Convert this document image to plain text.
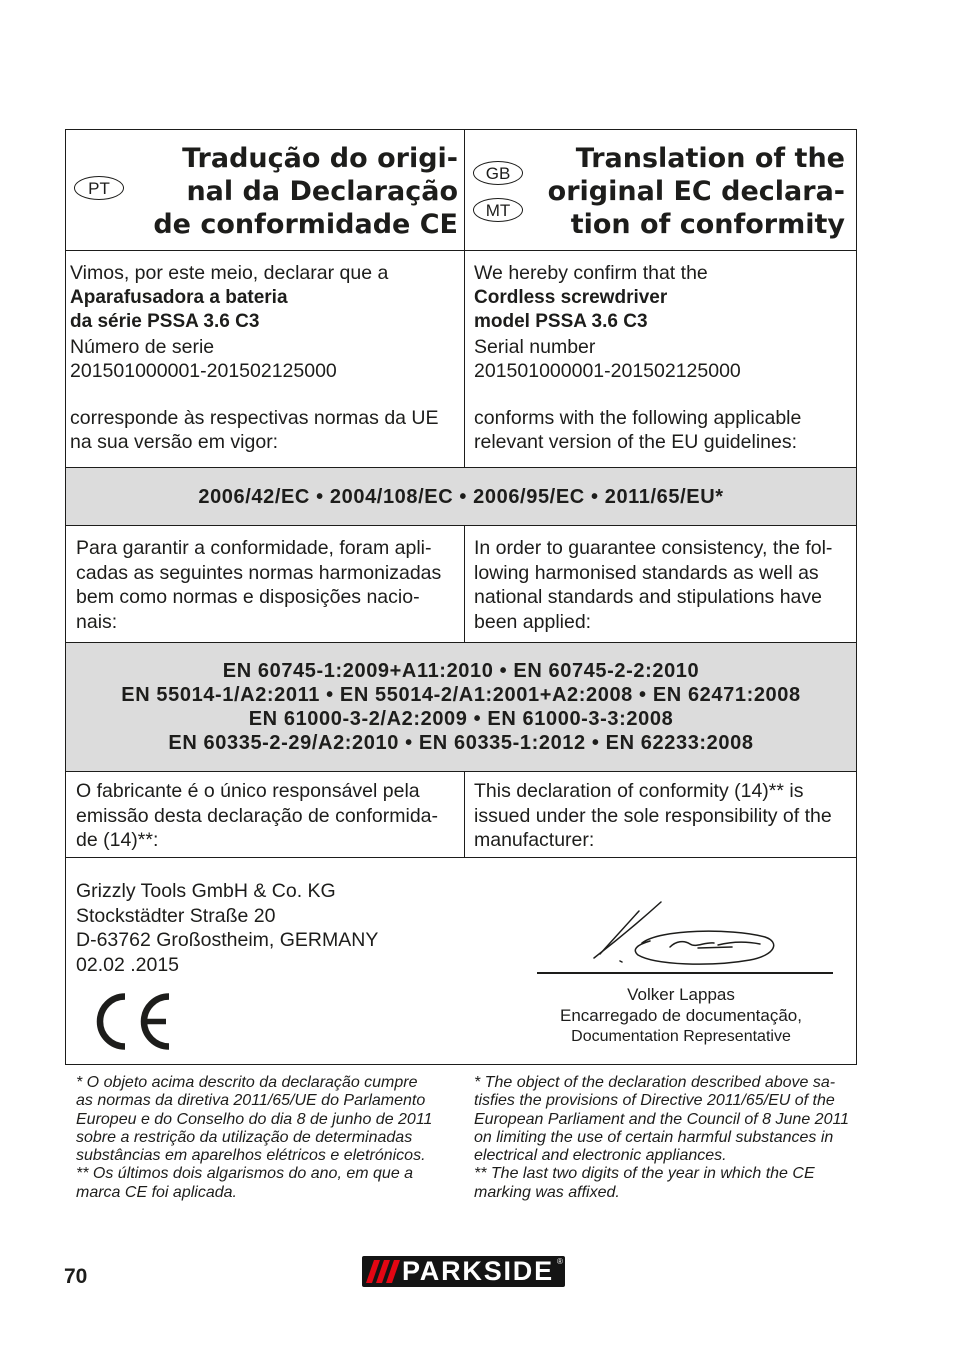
PT
Tradução do origi-
nal da Declaração
de conformidade CE
GB
MT
Translation of the
original EC declara-
tion of conformity
Vimos, por este meio, declarar que a
Aparafusadora a bateria
da série PSSA 3.6 C3
Número de serie
201501000001-201502125000
corresponde às respectivas normas da UE
na sua versão em vigor:
We hereby confirm that the
Cordless screwdriver
model PSSA 3.6 C3
Serial number
201501000001-201502125000
conforms with the following applicable
relevant version of the EU guidelines:
2006/42/EC • 2004/108/EC • 2006/95/EC • 2011/65/EU*
Para garantir a conformidade, foram apli-
cadas as seguintes normas harmonizadas
bem como normas e disposições nacio-
nais:
In order to guarantee consistency, the fol-
lowing harmonised standards as well as
national standards and stipulations have
been applied:
EN 60745-1:2009+A11:2010 • EN 60745-2-2:2010
EN 55014-1/A2:2011 • EN 55014-2/A1:2001+A2:2008 • EN 62471:2008
EN 61000-3-2/A2:2009 • EN 61000-3-3:2008
EN 60335-2-29/A2:2010 • EN 60335-1:2012 • EN 62233:2008
O fabricante é o único responsável pela
emissão desta declaração de conformida-
de (14)**:
This declaration of conformity (14)** is
issued under the sole responsibility of the
manufacturer:
Grizzly Tools GmbH & Co. KG
Stockstädter Straße 20
D-63762 Großostheim, GERMANY
02.02 .2015
Volker Lappas
Encarregado de documentação,
Documentation Representative
* O objeto acima descrito da declaração cumpre
as normas da diretiva 2011/65/UE do Parlamento
Europeu e do Conselho do dia 8 de junho de 2011
sobre a restrição da utilização de determinadas
substâncias em aparelhos elétricos e eletrónicos.
** Os últimos dois algarismos do ano, em que a
marca CE foi aplicada.
* The object of the declaration described above sa-
tisfies the provisions of Directive 2011/65/EU of the
European Parliament and the Council of 8 June 2011
on limiting the use of certain harmful substances in
electrical and electronic appliances.
** The last two digits of the year in which the CE
marking was affixed.
70	PARKSIDE ®
